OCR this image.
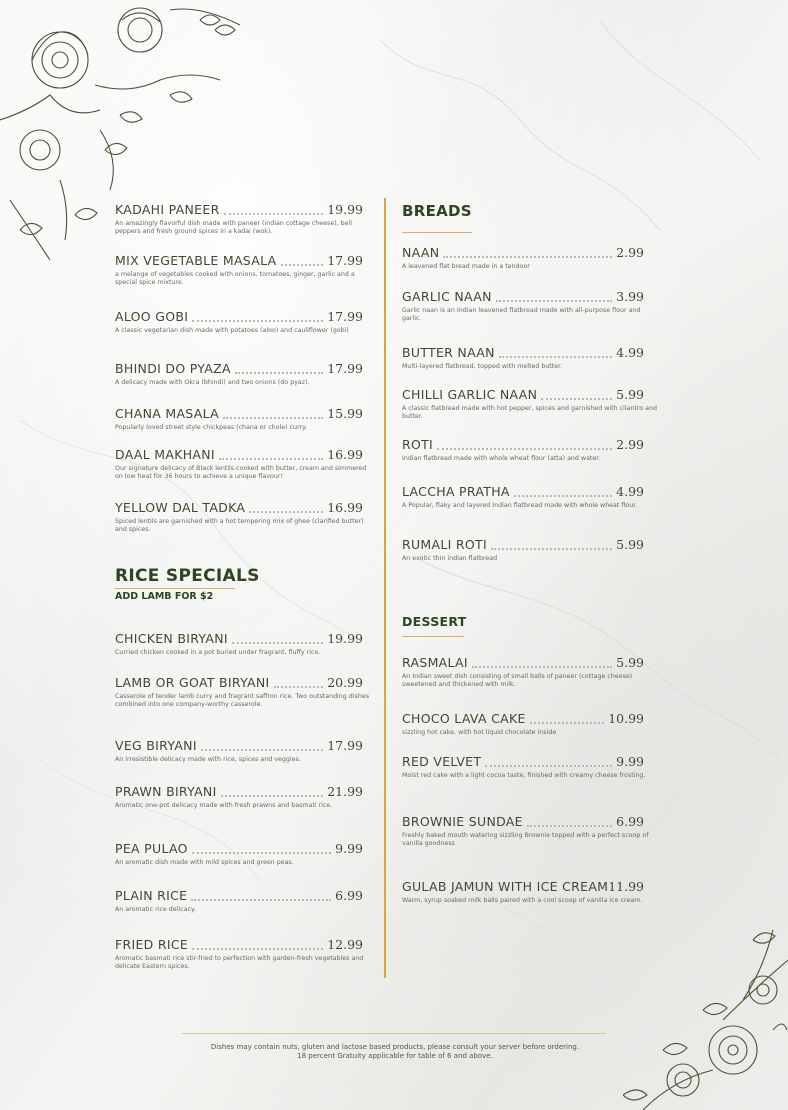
KADAHI PANEER	19.99
An amazingly flavorful dish made with paneer (indian cottage cheese), bell peppers and fresh ground spices in a kadai (wok).
MIX VEGETABLE MASALA	17.99
a melange of vegetables cooked with onions, tomatoes, ginger, garlic and a special spice mixture.
ALOO GOBI	17.99
A classic vegetarian dish made with potatoes (aloo) and cauliflower (gobi)
BHINDI DO PYAZA	17.99
A delicacy made with Okra (bhindi) and two onions (do pyaz).
CHANA MASALA	15.99
Popularly loved street style chickpeas (chana or chole) curry.
DAAL MAKHANI	16.99
Our signature delicacy of Black lentils cooked with butter, cream and simmered on low heat for 36 hours to achieve a unique flavour!
YELLOW DAL TADKA	16.99
Spiced lentils are garnished with a hot tempering mix of ghee (clarified butter) and spices.
RICE SPECIALS
ADD LAMB FOR $2
CHICKEN BIRYANI	19.99
Curried chicken cooked in a pot buried under fragrant, fluffy rice.
LAMB OR GOAT BIRYANI	20.99
Casserole of tender lamb curry and fragrant saffron rice. Two outstanding dishes combined into one company-worthy casserole.
VEG BIRYANI	17.99
An irresistible delicacy made with rice, spices and veggies.
PRAWN BIRYANI	21.99
Aromatic one-pot delicacy made with fresh prawns and basmati rice.
PEA PULAO	9.99
An aromatic dish made with mild spices and green peas.
PLAIN RICE	6.99
An aromatic rice delicacy.
FRIED RICE	12.99
Aromatic basmati rice stir-fried to perfection with garden-fresh vegetables and delicate Eastern spices.
BREADS
NAAN	2.99
A leavened flat bread made in a tandoor
GARLIC NAAN	3.99
Garlic naan is an Indian leavened flatbread made with all-purpose flour and garlic.
BUTTER NAAN	4.99
Multi-layered flatbread, topped with melted butter.
CHILLI GARLIC NAAN	5.99
A classic flatbread made with hot pepper, spices and garnished with cilantro and butter.
ROTI	2.99
Indian flatbread made with whole wheat flour (atta) and water.
LACCHA PRATHA	4.99
A Popular, flaky and layered Indian flatbread made with whole wheat flour.
RUMALI ROTI	5.99
An exotic thin indian flatbread
DESSERT
RASMALAI	5.99
An Indian sweet dish consisting of small balls of paneer (cottage cheese) sweetened and thickened with milk.
CHOCO LAVA CAKE	10.99
sizzling hot cake, with hot liquid chocolate inside
RED VELVET	9.99
Moist red cake with a light cocoa taste, finished with creamy cheese frosting.
BROWNIE SUNDAE	6.99
Freshly baked mouth watering sizzling Brownie topped with a perfect scoop of vanilla goodness
GULAB JAMUN WITH ICE CREAM 11.99
Warm, syrup soaked milk balls paired with a cool scoop of vanilla ice cream.
Dishes may contain nuts, gluten and lactose based products, please consult your server before ordering.
18 percent Gratuity applicable for table of 6 and above.
